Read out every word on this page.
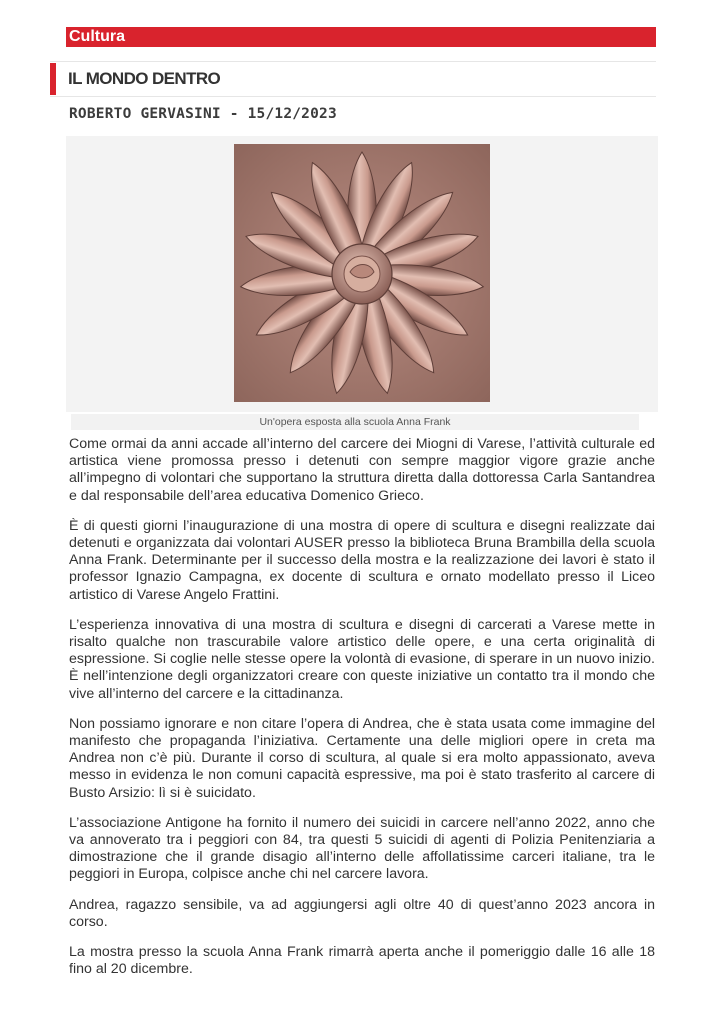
Cultura
IL MONDO DENTRO
ROBERTO GERVASINI - 15/12/2023
Un'opera esposta alla scuola Anna Frank

Come ormai da anni accade all’interno del carcere dei Miogni di Varese, l’attività culturale ed artistica viene promossa presso i detenuti con sempre maggior vigore grazie anche all’impegno di volontari che supportano la struttura diretta dalla dottoressa Carla Santandrea e dal responsabile dell’area educativa Domenico Grieco.

È di questi giorni l’inaugurazione di una mostra di opere di scultura e disegni realizzate dai detenuti e organizzata dai volontari AUSER presso la biblioteca Bruna Brambilla della scuola Anna Frank. Determinante per il successo della mostra e la realizzazione dei lavori è stato il professor Ignazio Campagna, ex docente di scultura e ornato modellato presso il Liceo artistico di Varese Angelo Frattini.

L’esperienza innovativa di una mostra di scultura e disegni di carcerati a Varese mette in risalto qualche non trascurabile valore artistico delle opere, e una certa originalità di espressione. Si coglie nelle stesse opere la volontà di evasione, di sperare in un nuovo inizio. È nell’intenzione degli organizzatori creare con queste iniziative un contatto tra il mondo che vive all’interno del carcere e la cittadinanza.

Non possiamo ignorare e non citare l’opera di Andrea, che è stata usata come immagine del manifesto che propaganda l’iniziativa. Certamente una delle migliori opere in creta ma Andrea non c’è più. Durante il corso di scultura, al quale si era molto appassionato, aveva messo in evidenza le non comuni capacità espressive, ma poi è stato trasferito al carcere di Busto Arsizio: lì si è suicidato.

L’associazione Antigone ha fornito il numero dei suicidi in carcere nell’anno 2022, anno che va annoverato tra i peggiori con 84, tra questi 5 suicidi di agenti di Polizia Penitenziaria a dimostrazione che il grande disagio all’interno delle affollatissime carceri italiane, tra le peggiori in Europa, colpisce anche chi nel carcere lavora.

Andrea, ragazzo sensibile, va ad aggiungersi agli oltre 40 di quest’anno 2023 ancora in corso.

La mostra presso la scuola Anna Frank rimarrà aperta anche il pomeriggio dalle 16 alle 18 fino al 20 dicembre.
